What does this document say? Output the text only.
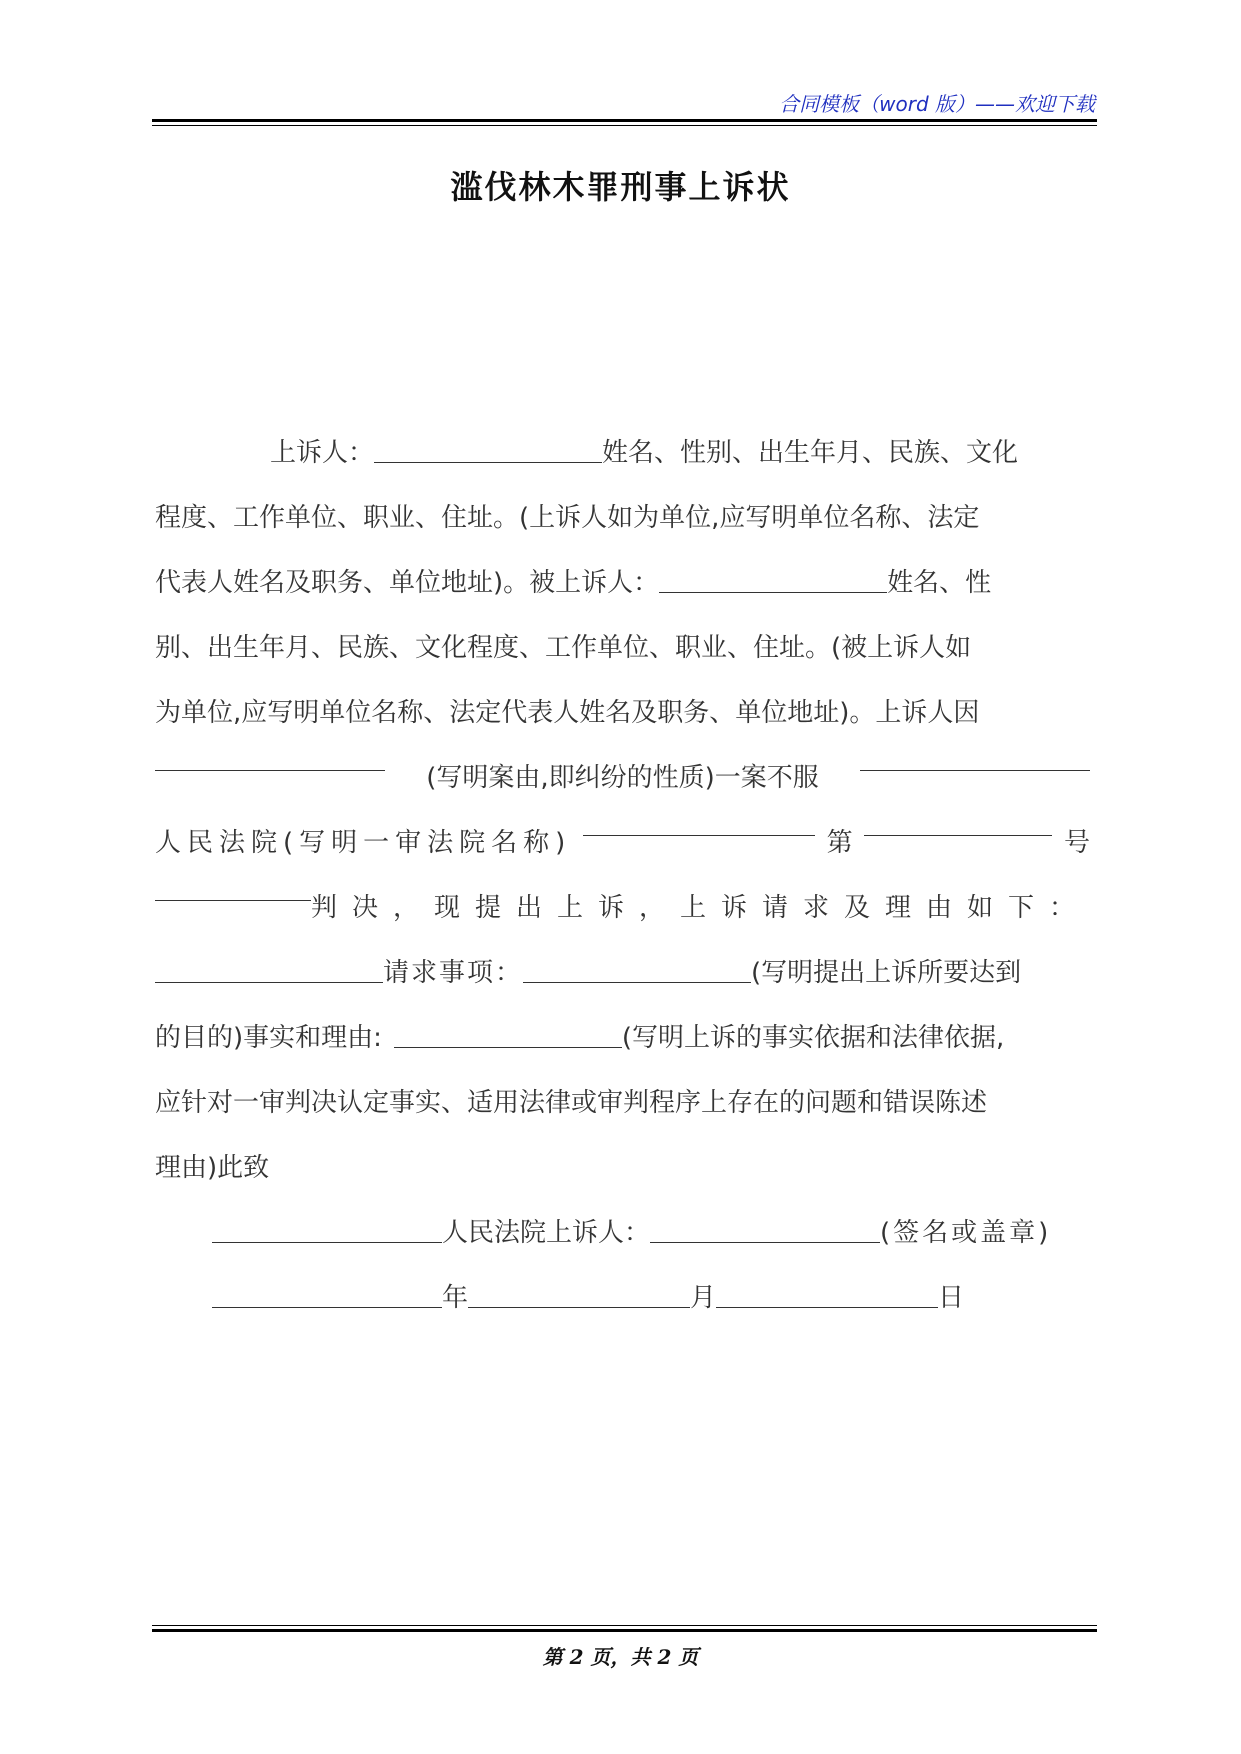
合同模板（word 版）——欢迎下载
滥伐林木罪刑事上诉状
上诉人：	姓名、性别、出生年月、民族、文化
程度、工作单位、职业、住址。(上诉人如为单位,应写明单位名称、法定
代表人姓名及职务、单位地址)。被上诉人：	姓名、性
别、出生年月、民族、文化程度、工作单位、职业、住址。(被上诉人如
为单位,应写明单位名称、法定代表人姓名及职务、单位地址)。上诉人因
(写明案由,即纠纷的性质)一案不服
人民法院(写明一审法院名称)	第	号
判决，现提出上诉，上诉请求及理由如下：
请求事项：	(写明提出上诉所要达到
的目的)事实和理由:	(写明上诉的事实依据和法律依据,
应针对一审判决认定事实、适用法律或审判程序上存在的问题和错误陈述
理由)此致
人民法院上诉人：	(签名或盖章)
年	月	日
第 2 页，共 2 页
